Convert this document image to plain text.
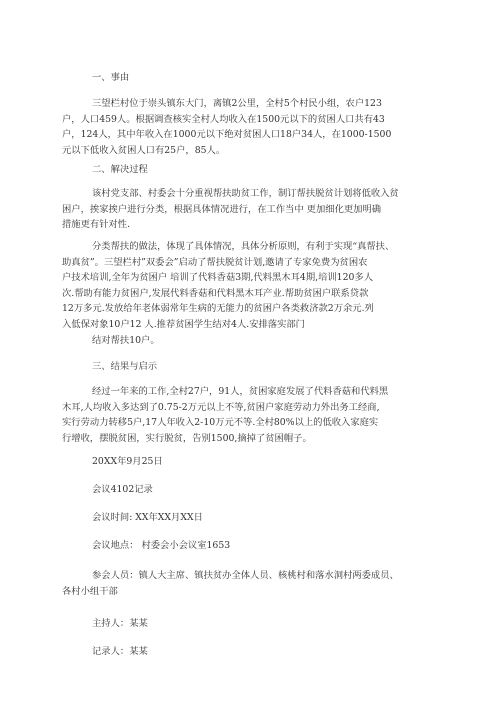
一、事由
三望栏村位于崇头镇东大门，离镇2公里，全村5个村民小组，农户123
户，人口459人。根据调查核实全村人均收入在1500元以下的贫困人口共有43
户，124人，其中年收入在1000元以下绝对贫困人口18户34人，在1000-1500
元以下低收入贫困人口有25户，85人。
二、解决过程
该村党支部、村委会十分重视帮扶助贫工作，制订帮扶脱贫计划将低收入贫
困户，挨家挨户进行分类，根据具体情况进行，在工作当中 更加细化更加明确
措施更有针对性.
分类帮扶的做法，体现了具体情况，具体分析原则，有利于实现“真帮扶、
助真贫”。三望栏村”双委会”启动了帮扶脱贫计划,邀请了专家免费为贫困农
户技术培训,全年为贫困户 培训了代料香菇3期,代料黑木耳4期,培训120多人
次.帮助有能力贫困户,发展代料香菇和代料黑木耳产业.帮助贫困户联系贷款
12万多元.发放给年老体弱常年生病的无能力的贫困户各类救济款2万余元.列
入低保对象10户12 人.推荐贫困学生结对4人.安排落实部门
结对帮扶10户。
三、结果与启示
经过一年来的工作,全村27户，91人，贫困家庭发展了代料香菇和代料黑
木耳,人均收入多达到了0.75-2万元以上不等,贫困户家庭劳动力外出务工经商,
实行劳动力转移5户,17人年收入2-10万元不等.全村80%以上的低收入家庭实
行增收，摆脱贫困，实行脱贫，告别1500,摘掉了贫困帽子。
20XX年9月25日
会议4102记录
会议时间: XX年XX月XX日
会议地点： 村委会小会议室1653
参会人员：镇人大主席、镇扶贫办全体人员、核桃村和落水洞村两委成员、
各村小组干部
主持人：某某
记录人：某某
